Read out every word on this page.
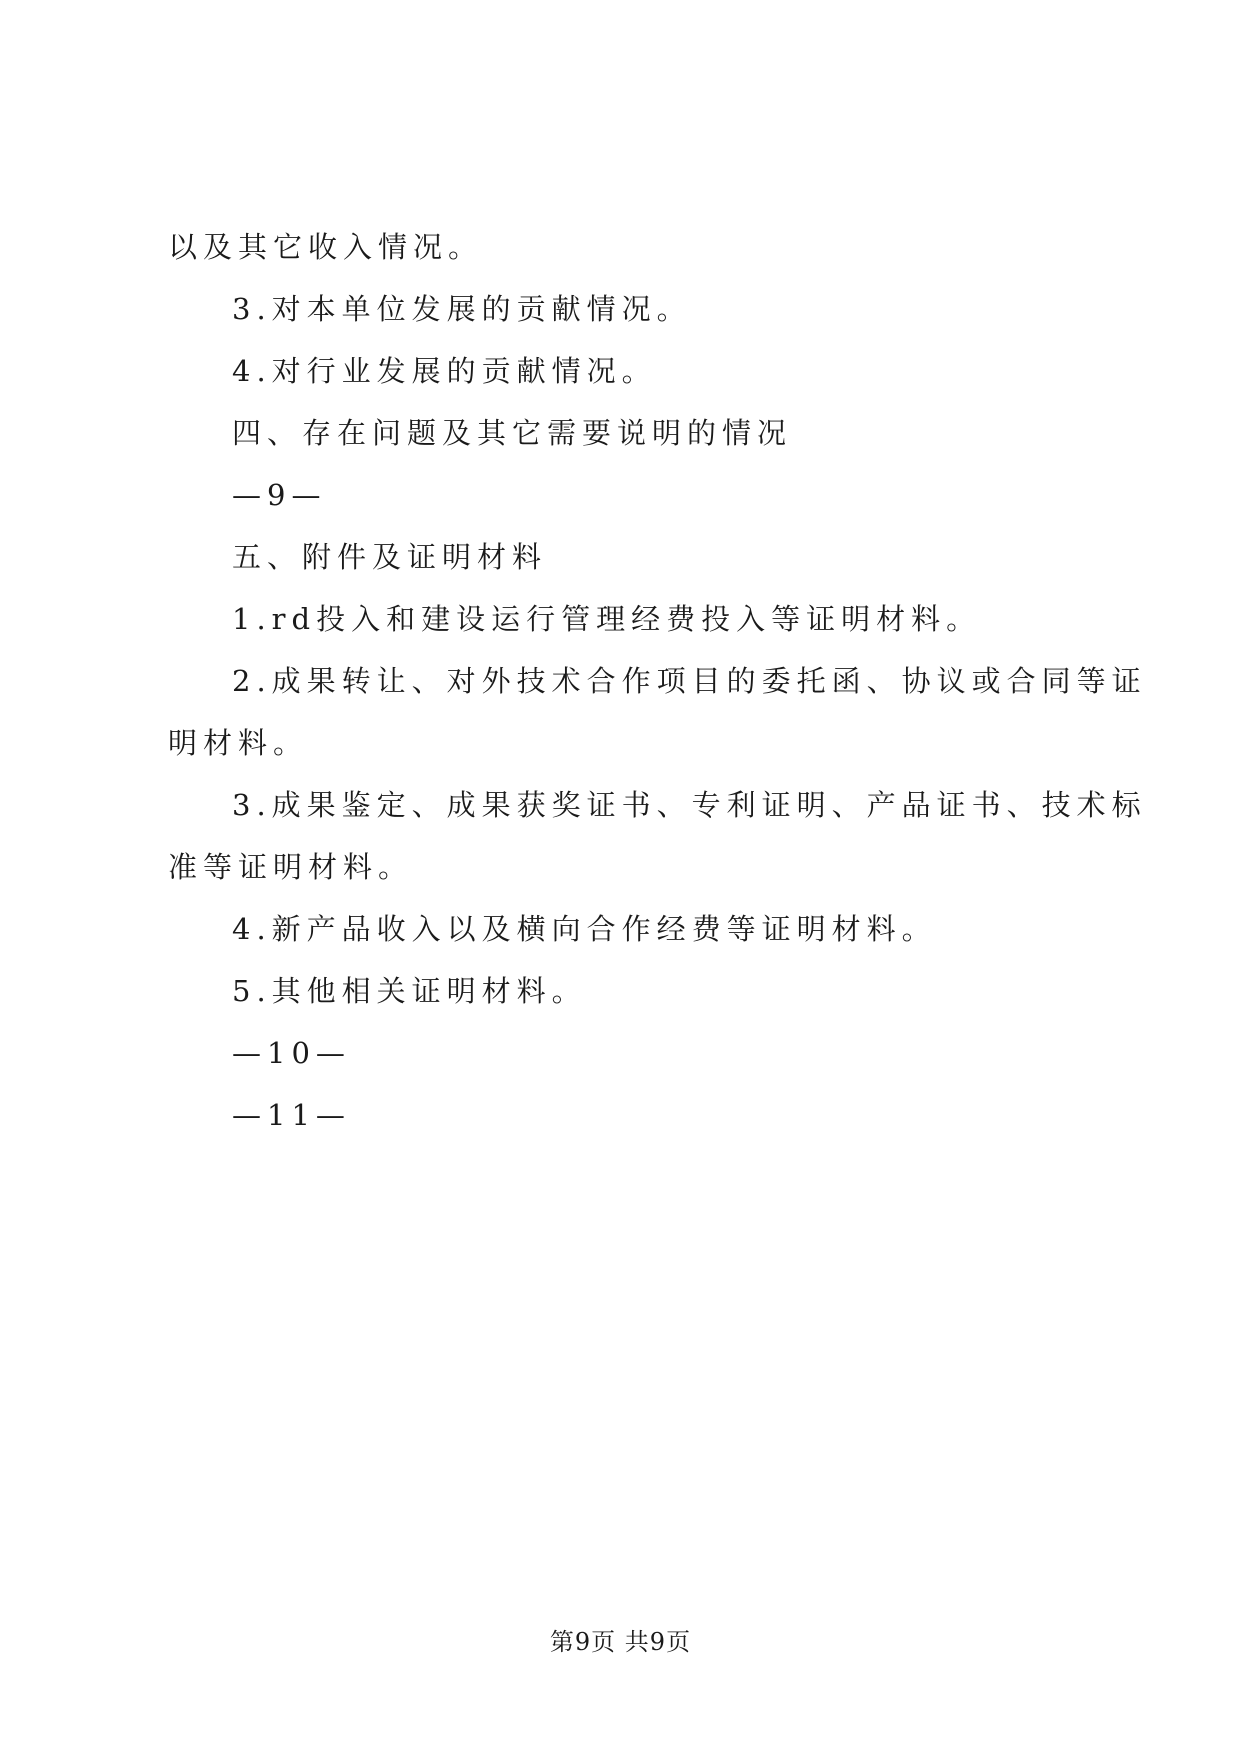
以及其它收入情况。
3.对本单位发展的贡献情况。
4.对行业发展的贡献情况。
四、存在问题及其它需要说明的情况
—9—
五、附件及证明材料
1.rd投入和建设运行管理经费投入等证明材料。
2.成果转让、对外技术合作项目的委托函、协议或合同等证
明材料。
3.成果鉴定、成果获奖证书、专利证明、产品证书、技术标
准等证明材料。
4.新产品收入以及横向合作经费等证明材料。
5.其他相关证明材料。
—10—
—11—
第9页 共9页
